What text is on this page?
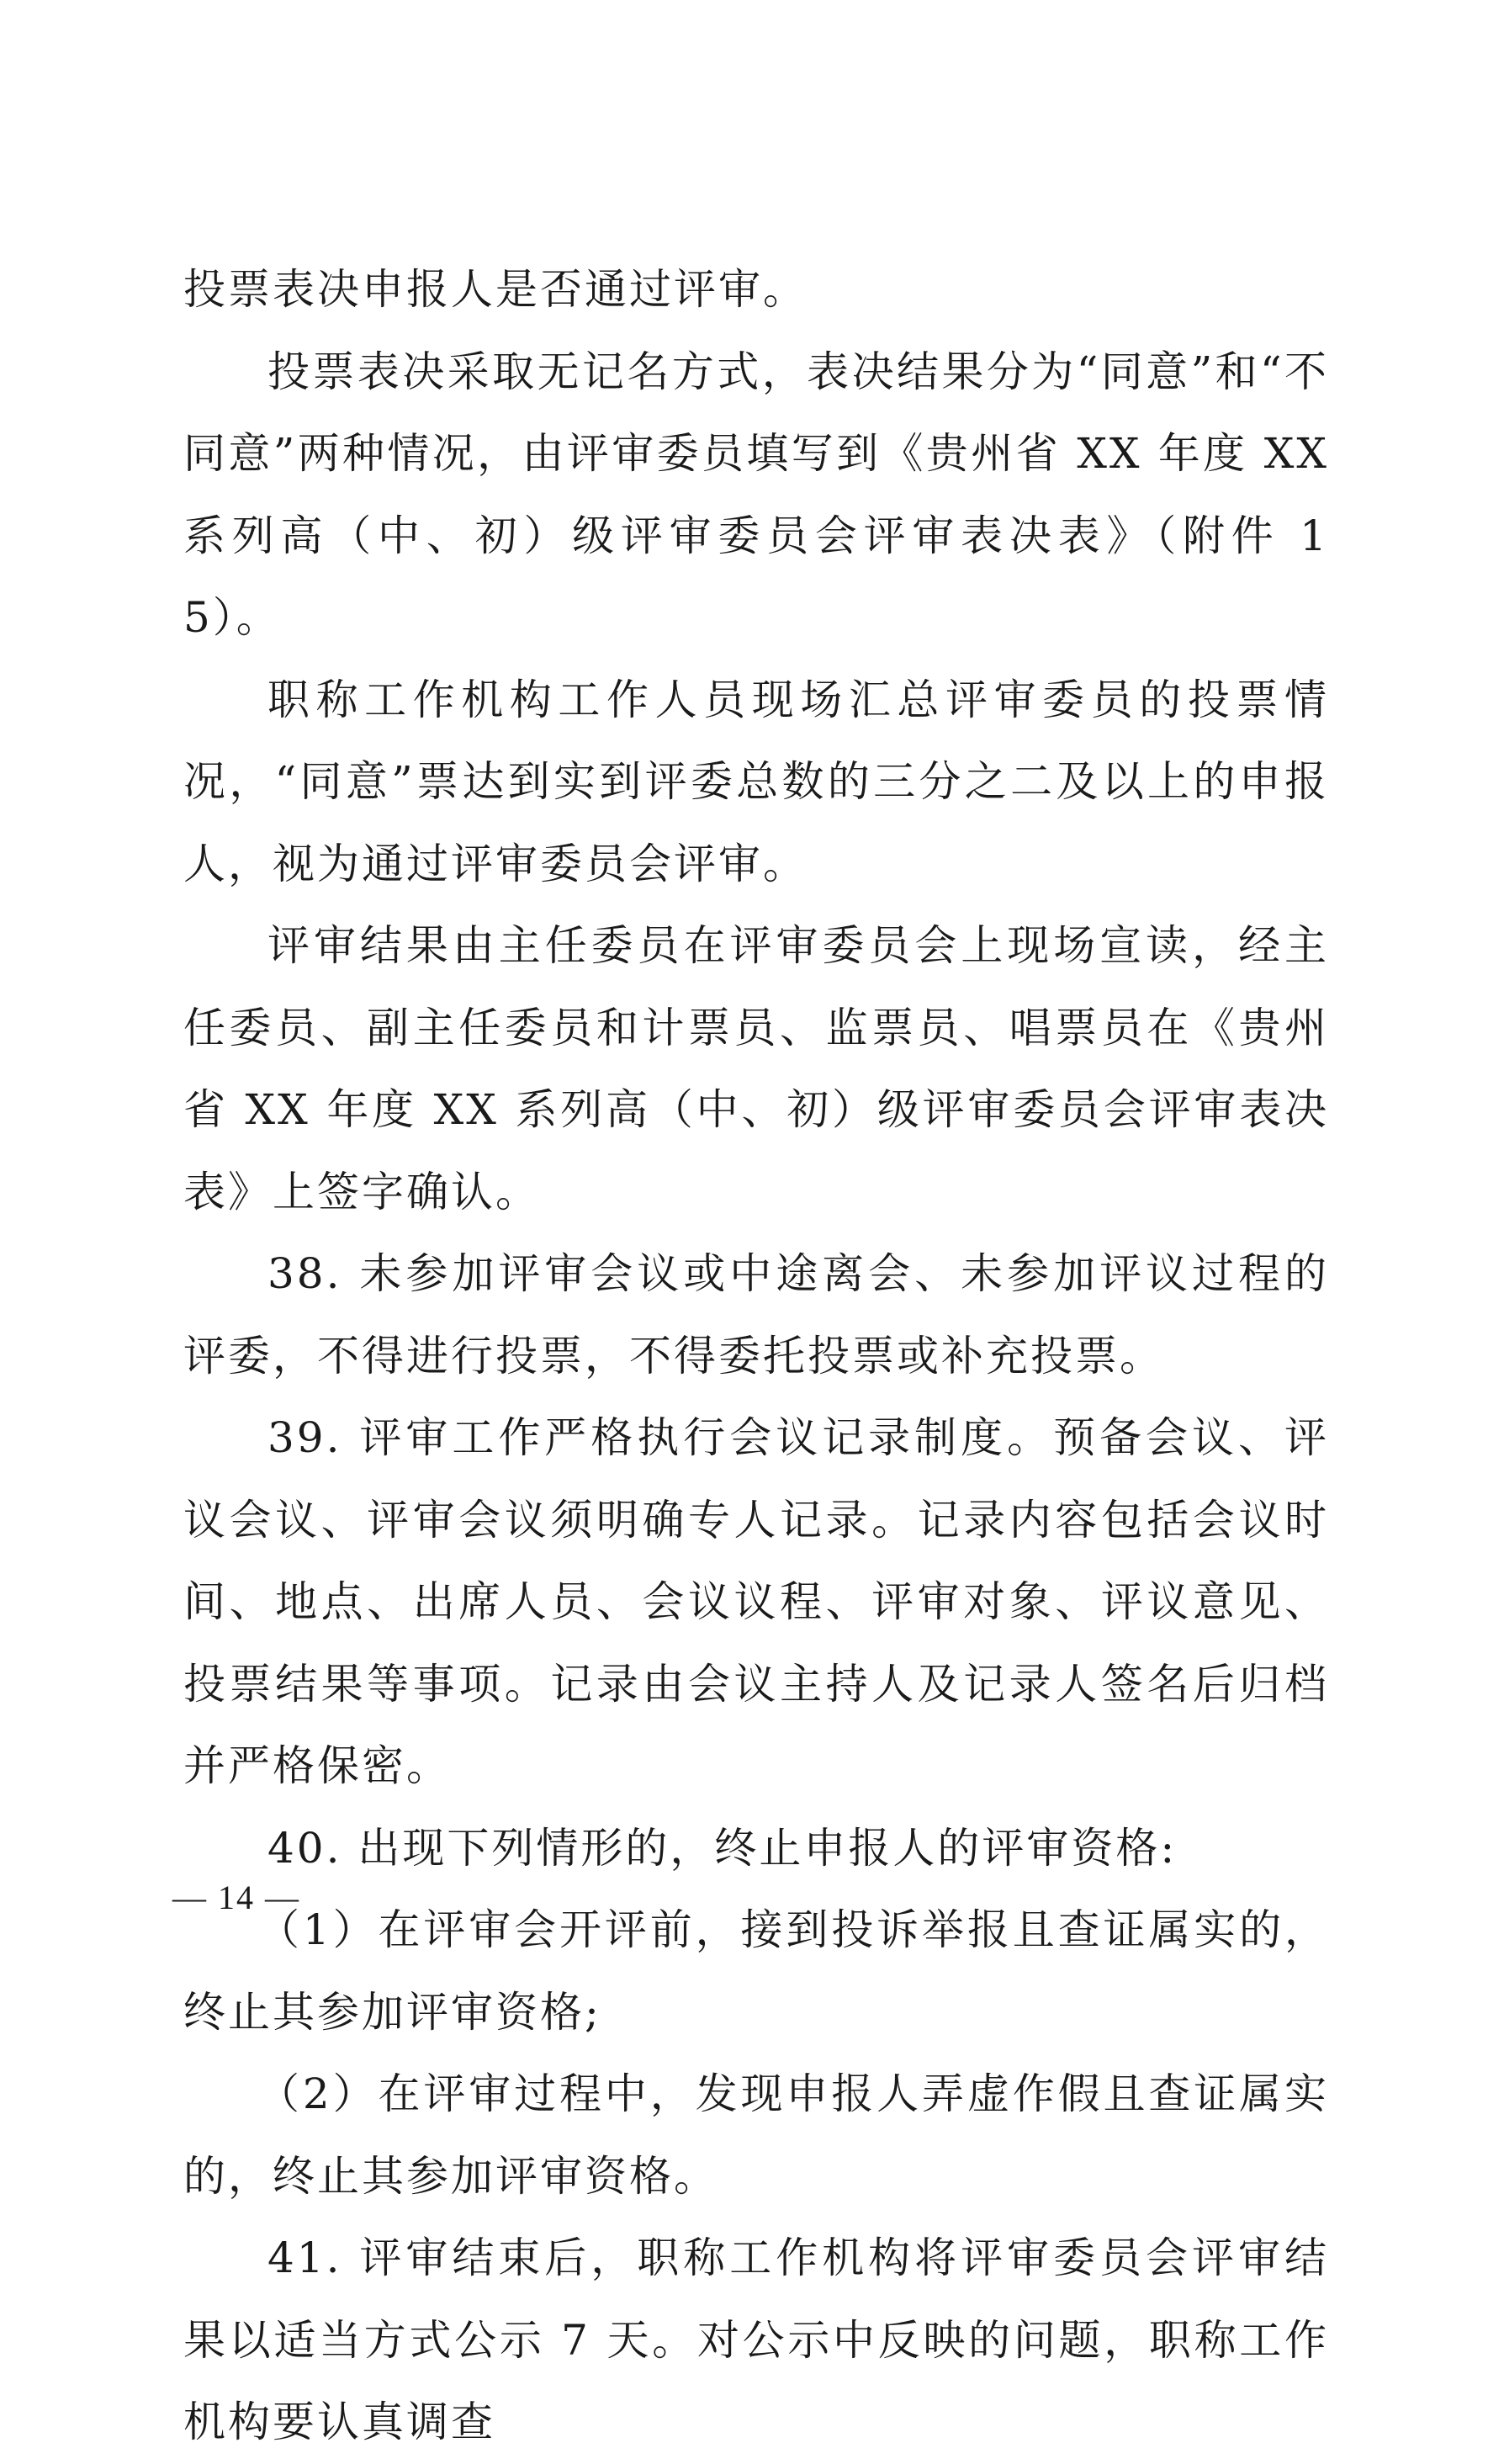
投票表决申报人是否通过评审。

投票表决采取无记名方式，表决结果分为“同意”和“不同意”两种情况，由评审委员填写到《贵州省 XX 年度 XX 系列高（中、初）级评审委员会评审表决表》（附件 15）。

职称工作机构工作人员现场汇总评审委员的投票情况，“同意”票达到实到评委总数的三分之二及以上的申报人，视为通过评审委员会评审。

评审结果由主任委员在评审委员会上现场宣读，经主任委员、副主任委员和计票员、监票员、唱票员在《贵州省 XX 年度 XX 系列高（中、初）级评审委员会评审表决表》上签字确认。

38. 未参加评审会议或中途离会、未参加评议过程的评委，不得进行投票，不得委托投票或补充投票。

39. 评审工作严格执行会议记录制度。预备会议、评议会议、评审会议须明确专人记录。记录内容包括会议时间、地点、出席人员、会议议程、评审对象、评议意见、投票结果等事项。记录由会议主持人及记录人签名后归档并严格保密。

40. 出现下列情形的，终止申报人的评审资格:

（1）在评审会开评前，接到投诉举报且查证属实的，终止其参加评审资格;

（2）在评审过程中，发现申报人弄虚作假且查证属实的，终止其参加评审资格。

41. 评审结束后，职称工作机构将评审委员会评审结果以适当方式公示 7 天。对公示中反映的问题，职称工作机构要认真调查

— 14 —
